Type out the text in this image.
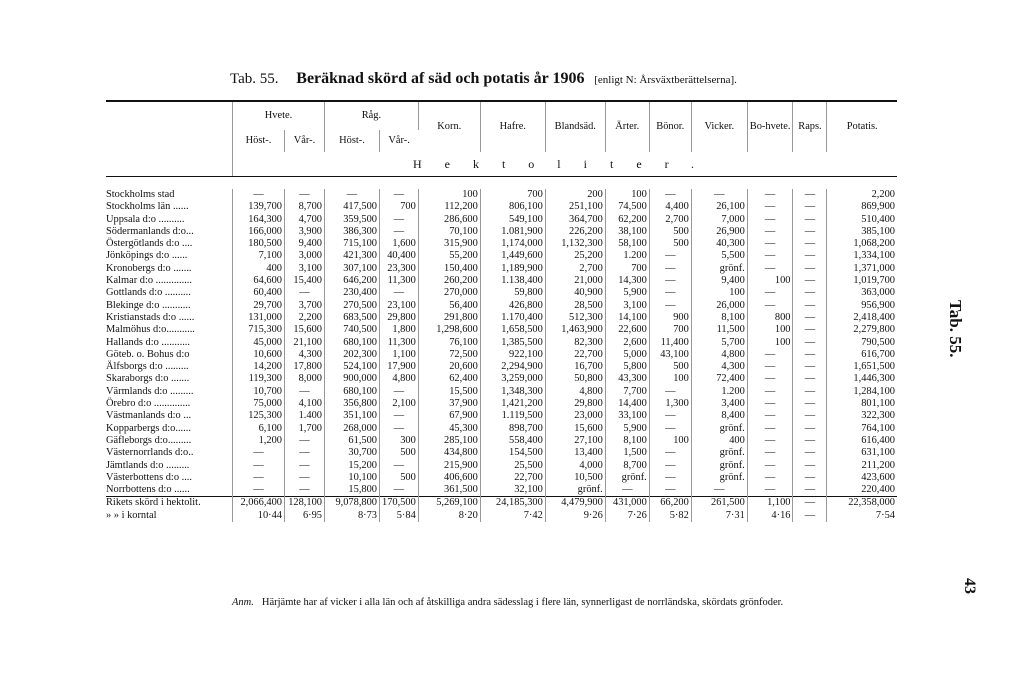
Tab. 55. Beräknad skörd af säd och potatis år 1906 [enligt N: Årsväxtberättelserna].
Tab. 55.
43
	Hvete.		Råg.		Korn.	Hafre.	Blandsäd.	Ärter.	Bönor.	Vicker.	Bo-hvete.	Raps.	Potatis.
	Höst-.	Vår-.	Höst-.	Vår-.									
	Hektoliter.												

Stockholms stad	—	—	—	—	100	700	200	100	—	—	—	—	2,200
Stockholms län ......	139,700	8,700	417,500	700	112,200	806,100	251,100	74,500	4,400	26,100	—	—	869,900
Uppsala d:o ..........	164,300	4,700	359,500	—	286,600	549,100	364,700	62,200	2,700	7,000	—	—	510,400
Södermanlands d:o...	166,000	3,900	386,300	—	70,100	1.081,900	226,200	38,100	500	26,900	—	—	385,100
Östergötlands d:o ....	180,500	9,400	715,100	1,600	315,900	1,174,000	1,132,300	58,100	500	40,300	—	—	1,068,200
Jönköpings d:o ......	7,100	3,000	421,300	40,400	55,200	1,449,600	25,200	1.200	—	5,500	—	—	1,334,100
Kronobergs d:o .......	400	3,100	307,100	23,300	150,400	1,189,900	2,700	700	—	grönf.	—	—	1,371,000
Kalmar d:o ..............	64,600	15,400	646,200	11,300	260,200	1.138,400	21,000	14,300	—	9,400	100	—	1,019,700
Gottlands d:o ..........	60,400	—	230,400	—	270,000	59,800	40,900	5,900	—	100	—	—	363,000
Blekinge d:o ...........	29,700	3,700	270,500	23,100	56,400	426,800	28,500	3,100	—	26,000	—	—	956,900
Kristianstads d:o ......	131,000	2,200	683,500	29,800	291,800	1.170,400	512,300	14,100	900	8,100	800	—	2,418,400
Malmöhus d:o...........	715,300	15,600	740,500	1,800	1,298,600	1,658,500	1,463,900	22,600	700	11,500	100	—	2,279,800
Hallands d:o ...........	45,000	21,100	680,100	11,300	76,100	1,385,500	82,300	2,600	11,400	5,700	100	—	790,500
Göteb. o. Bohus d:o	10,600	4,300	202,300	1,100	72,500	922,100	22,700	5,000	43,100	4,800	—	—	616,700
Älfsborgs d:o .........	14,200	17,800	524,100	17,900	20,600	2,294,900	16,700	5,800	500	4,300	—	—	1,651,500
Skaraborgs d:o .......	119,300	8,000	900,000	4,800	62,400	3,259,000	50,800	43,300	100	72,400	—	—	1,446,300
Värmlands d:o .........	10,700	—	680,100	—	15,500	1,348,300	4,800	7,700	—	1.200	—	—	1,284,100
Örebro d:o ..............	75,000	4,100	356,800	2,100	37,900	1,421,200	29,800	14,400	1,300	3,400	—	—	801,100
Västmanlands d:o ...	125,300	1.400	351,100	—	67,900	1.119,500	23,000	33,100	—	8,400	—	—	322,300
Kopparbergs d:o......	6,100	1,700	268,000	—	45,300	898,700	15,600	5,900	—	grönf.	—	—	764,100
Gäfleborgs d:o.........	1,200	—	61,500	300	285,100	558,400	27,100	8,100	100	400	—	—	616,400
Västernorrlands d:o..	—	—	30,700	500	434,800	154,500	13,400	1,500	—	grönf.	—	—	631,100
Jämtlands d:o .........	—	—	15,200	—	215,900	25,500	4,000	8,700	—	grönf.	—	—	211,200
Västerbottens d:o ....	—	—	10,100	500	406,600	22,700	10,500	grönf.	—	grönf.	—	—	423,600
Norrbottens d:o ......	—	—	15,800	—	361,500	32,100	grönf.	—	—	—	—	—	220,400
Rikets skörd i hektolit.	2,066,400	128,100	9,078,800	170,500	5,269,100	24,185,300	4,479,900	431,000	66,200	261,500	1,100	—	22,358,000
» » i korntal	10·44	6·95	8·73	5·84	8·20	7·42	9·26	7·26	5·82	7·31	4·16	—	7·54
Anm. Härjämte har af vicker i alla län och af åtskilliga andra sädesslag i flere län, synnerligast de norrländska, skördats grönfoder.
